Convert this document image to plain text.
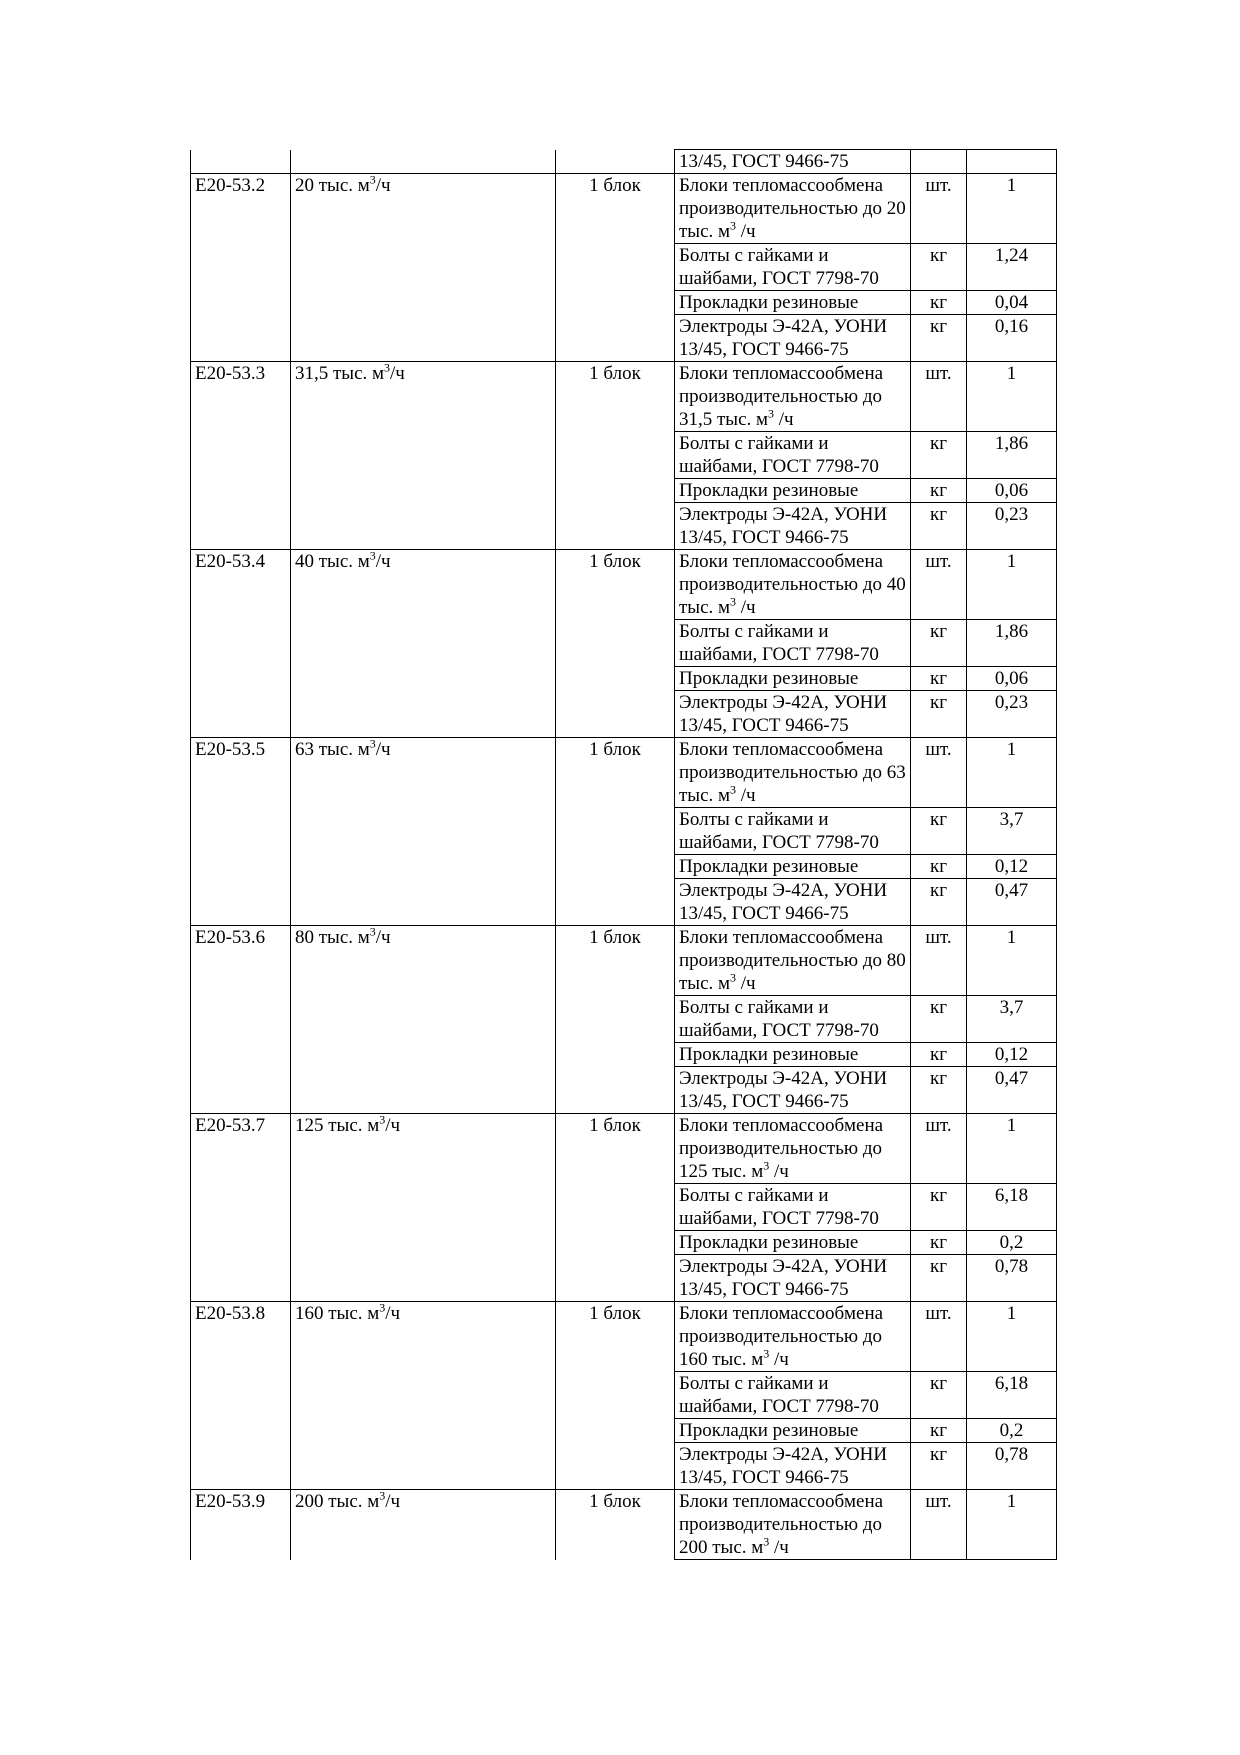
			13/45, ГОСТ 9466-75		
Е20-53.2	20 тыс. $м^3/ч$	1 блок	Блоки тепломассообмена производительностью до 20 тыс. $м^3$ /ч	шт.	1
			Болты с гайками и шайбами, ГОСТ 7798-70	кг	1,24
			Прокладки резиновые	кг	0,04
			Электроды Э-42А, УОНИ 13/45, ГОСТ 9466-75	кг	0,16
Е20-53.3	31,5 тыс. $м^3/ч$	1 блок	Блоки тепломассообмена производительностью до 31,5 тыс. $м^3$ /ч	шт.	1
			Болты с гайками и шайбами, ГОСТ 7798-70	кг	1,86
			Прокладки резиновые	кг	0,06
			Электроды Э-42А, УОНИ 13/45, ГОСТ 9466-75	кг	0,23
Е20-53.4	40 тыс. $м^3/ч$	1 блок	Блоки тепломассообмена производительностью до 40 тыс. $м^3$ /ч	шт.	1
			Болты с гайками и шайбами, ГОСТ 7798-70	кг	1,86
			Прокладки резиновые	кг	0,06
			Электроды Э-42А, УОНИ 13/45, ГОСТ 9466-75	кг	0,23
Е20-53.5	63 тыс. $м^3/ч$	1 блок	Блоки тепломассообмена производительностью до 63 тыс. $м^3$ /ч	шт.	1
			Болты с гайками и шайбами, ГОСТ 7798-70	кг	3,7
			Прокладки резиновые	кг	0,12
			Электроды Э-42А, УОНИ 13/45, ГОСТ 9466-75	кг	0,47
Е20-53.6	80 тыс. $м^3/ч$	1 блок	Блоки тепломассообмена производительностью до 80 тыс. $м^3$ /ч	шт.	1
			Болты с гайками и шайбами, ГОСТ 7798-70	кг	3,7
			Прокладки резиновые	кг	0,12
			Электроды Э-42А, УОНИ 13/45, ГОСТ 9466-75	кг	0,47
Е20-53.7	125 тыс. $м^3/ч$	1 блок	Блоки тепломассообмена производительностью до 125 тыс. $м^3$ /ч	шт.	1
			Болты с гайками и шайбами, ГОСТ 7798-70	кг	6,18
			Прокладки резиновые	кг	0,2
			Электроды Э-42А, УОНИ 13/45, ГОСТ 9466-75	кг	0,78
Е20-53.8	160 тыс. $м^3/ч$	1 блок	Блоки тепломассообмена производительностью до 160 тыс. $м^3$ /ч	шт.	1
			Болты с гайками и шайбами, ГОСТ 7798-70	кг	6,18
			Прокладки резиновые	кг	0,2
			Электроды Э-42А, УОНИ 13/45, ГОСТ 9466-75	кг	0,78
Е20-53.9	200 тыс. $м^3/ч$	1 блок	Блоки тепломассообмена производительностью до 200 тыс. $м^3$ /ч	шт.	1
